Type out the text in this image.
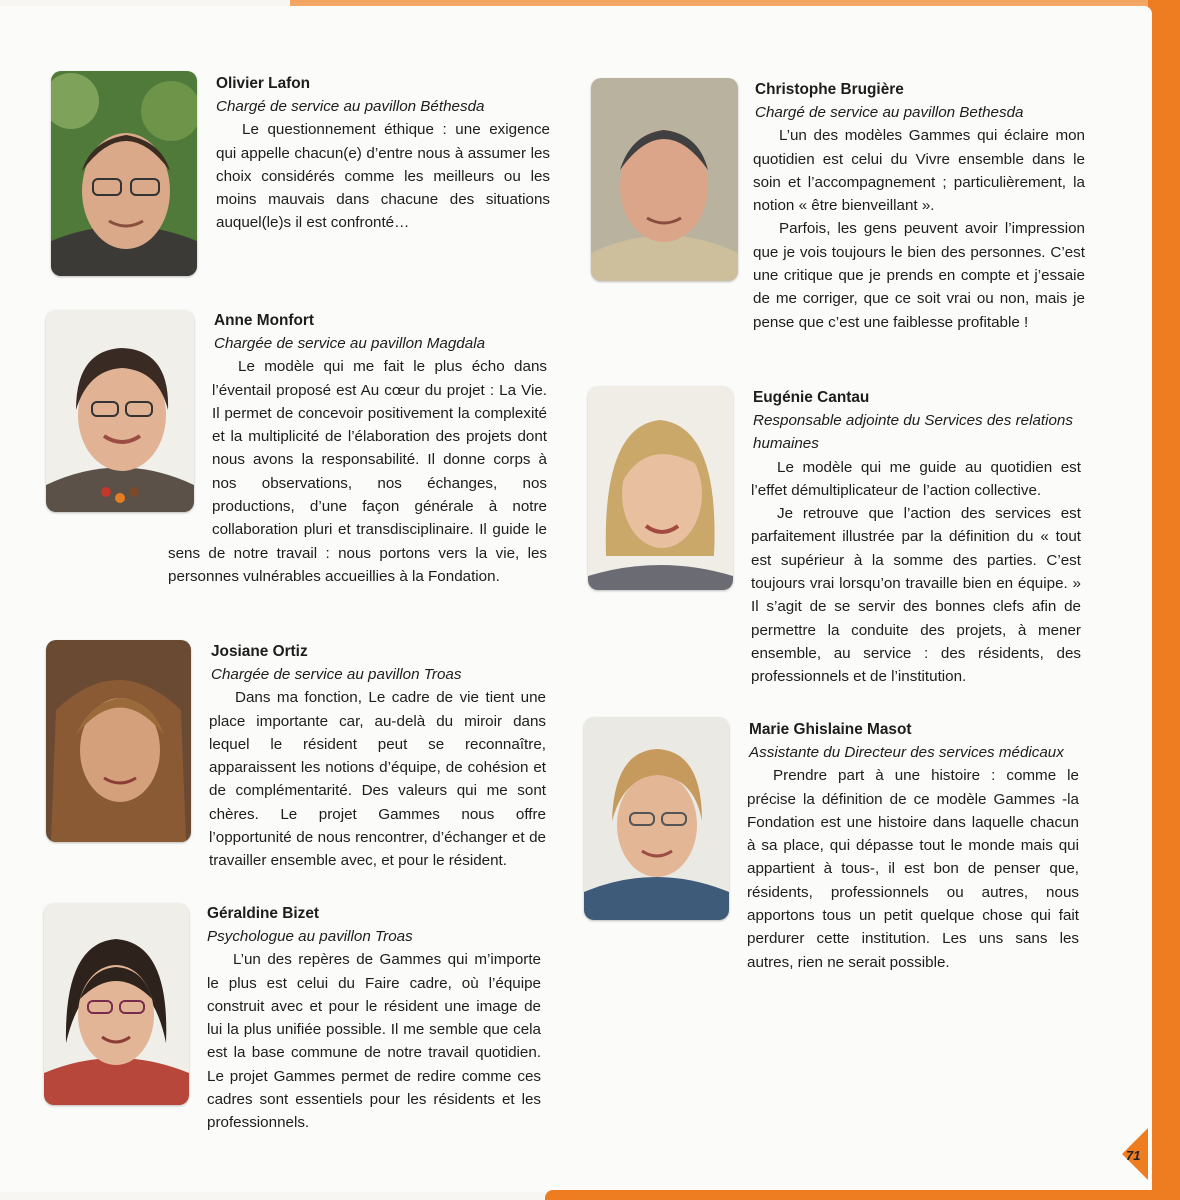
71
Olivier Lafon
Chargé de service au pavillon Béthesda

Le questionnement éthique : une exigence qui appelle chacun(e) d’entre nous à assumer les choix considérés comme les meilleurs ou les moins mauvais dans chacune des situations auquel(le)s il est confronté…

Anne Monfort
Chargée de service au pavillon Magdala

Le modèle qui me fait le plus écho dans l’éventail proposé est Au cœur du projet : La Vie. Il permet de concevoir positivement la complexité et la multiplicité de l’élaboration des projets dont nous avons la responsabilité. Il donne corps à nos observations, nos échanges, nos productions, d’une façon générale à notre collaboration pluri et transdisciplinaire. Il guide le sens de notre travail : nous portons vers la vie, les personnes vulnérables accueillies à la Fondation.

Josiane Ortiz
Chargée de service au pavillon Troas

Dans ma fonction, Le cadre de vie tient une place importante car, au-delà du miroir dans lequel le résident peut se reconnaître, apparaissent les notions d’équipe, de cohésion et de complémentarité. Des valeurs qui me sont chères. Le projet Gammes nous offre l’opportunité de nous rencontrer, d’échanger et de travailler ensemble avec, et pour le résident.

Géraldine Bizet
Psychologue au pavillon Troas

L’un des repères de Gammes qui m’importe le plus est celui du Faire cadre, où l’équipe construit avec et pour le résident une image de lui la plus unifiée possible. Il me semble que cela est la base commune de notre travail quotidien. Le projet Gammes permet de redire comme ces cadres sont essentiels pour les résidents et les professionnels.

Christophe Brugière
Chargé de service au pavillon Bethesda

L’un des modèles Gammes qui éclaire mon quotidien est celui du Vivre ensemble dans le soin et l’accompagnement ; particulièrement, la notion « être bienveillant ».

Parfois, les gens peuvent avoir l’impression que je vois toujours le bien des personnes. C’est une critique que je prends en compte et j’essaie de me corriger, que ce soit vrai ou non, mais je pense que c’est une faiblesse profitable !

Eugénie Cantau
Responsable adjointe du Services des relations humaines

Le modèle qui me guide au quotidien est l’effet démultiplicateur de l’action collective.

Je retrouve que l’action des services est parfaitement illustrée par la définition du « tout est supérieur à la somme des parties. C’est toujours vrai lorsqu’on travaille bien en équipe. » Il s’agit de se servir des bonnes clefs afin de permettre la conduite des projets, à mener ensemble, au service : des résidents, des professionnels et de l’institution.

Marie Ghislaine Masot
Assistante du Directeur des services médicaux

Prendre part à une histoire : comme le précise la définition de ce modèle Gammes -la Fondation est une histoire dans laquelle chacun à sa place, qui dépasse tout le monde mais qui appartient à tous-, il est bon de penser que, résidents, professionnels ou autres, nous apportons tous un petit quelque chose qui fait perdurer cette institution. Les uns sans les autres, rien ne serait possible.
